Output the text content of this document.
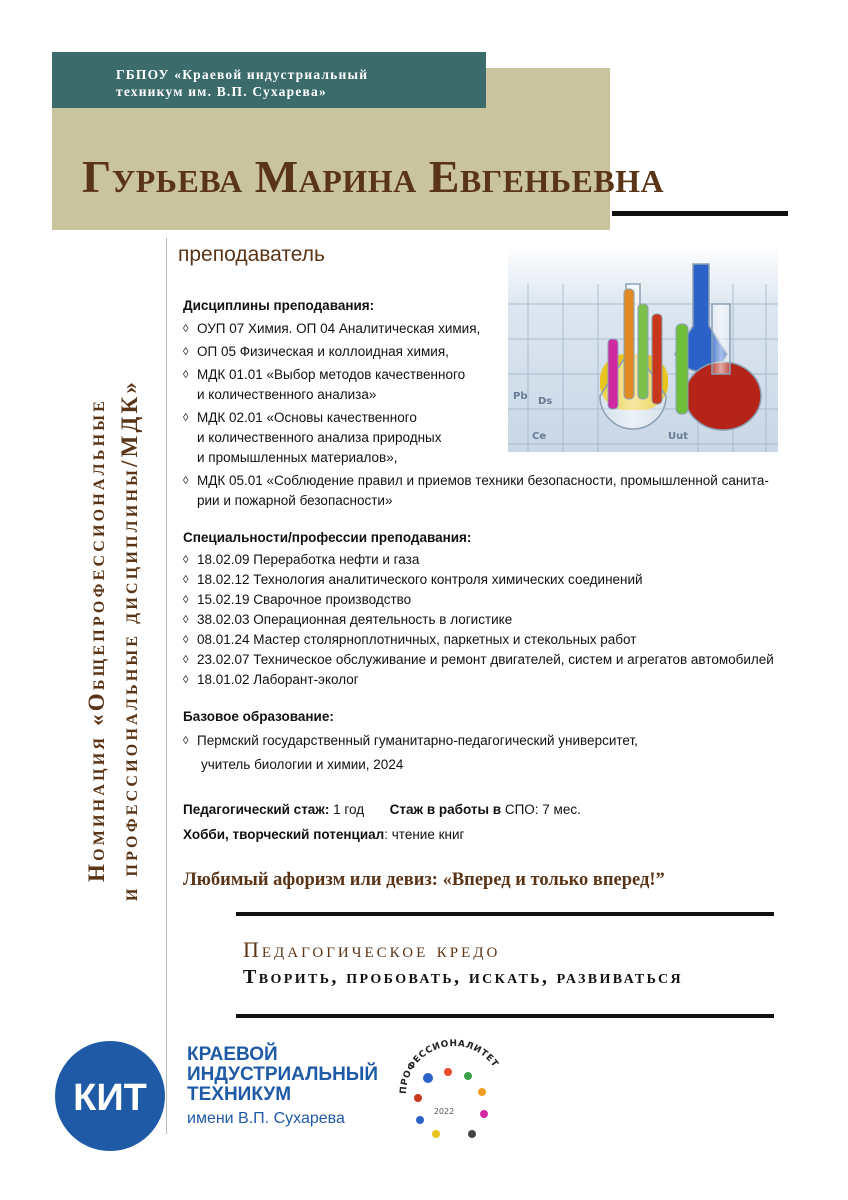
ГБПОУ «Краевой индустриальный
техникум им. В.П. Сухарева»
Гурьева Марина Евгеньевна
Номинация «Общепрофессиональные и профессиональные дисциплины/МДК»
преподаватель
Pb Ds
Ce	Uut
Дисциплины преподавания:
◊ ОУП 07 Химия. ОП 04 Аналитическая химия,
◊ ОП 05 Физическая и коллоидная химия,
◊ МДК 01.01 «Выбор методов качественного
и количественного анализа»
◊ МДК 02.01 «Основы качественного
и количественного анализа природных
и промышленных материалов»,
◊ МДК 05.01 «Соблюдение правил и приемов техники безопасности, промышленной санита-
рии и пожарной безопасности»
Специальности/профессии преподавания:
◊ 18.02.09 Переработка нефти и газа
◊ 18.02.12 Технология аналитического контроля химических соединений
◊ 15.02.19 Сварочное производство
◊ 38.02.03 Операционная деятельность в логистике
◊ 08.01.24 Мастер столярноплотничных, паркетных и стекольных работ
◊ 23.02.07 Техническое обслуживание и ремонт двигателей, систем и агрегатов автомобилей
◊ 18.01.02 Лаборант-эколог
Базовое образование:
◊ Пермский государственный гуманитарно-педагогический университет,
учитель биологии и химии, 2024
Педагогический стаж: 1 год Стаж в работы в СПО: 7 мес.
Хобби, творческий потенциал: чтение книг
Любимый афоризм или девиз: «Вперед и только вперед!”
Педагогическое кредо
Творить, пробовать, искать, развиваться
КИТ
КРАЕВОЙ
ИНДУСТРИАЛЬНЫЙ
ТЕХНИКУМ
имени В.П. Сухарева
ПРОФЕССИОНАЛИТЕТ
2022
